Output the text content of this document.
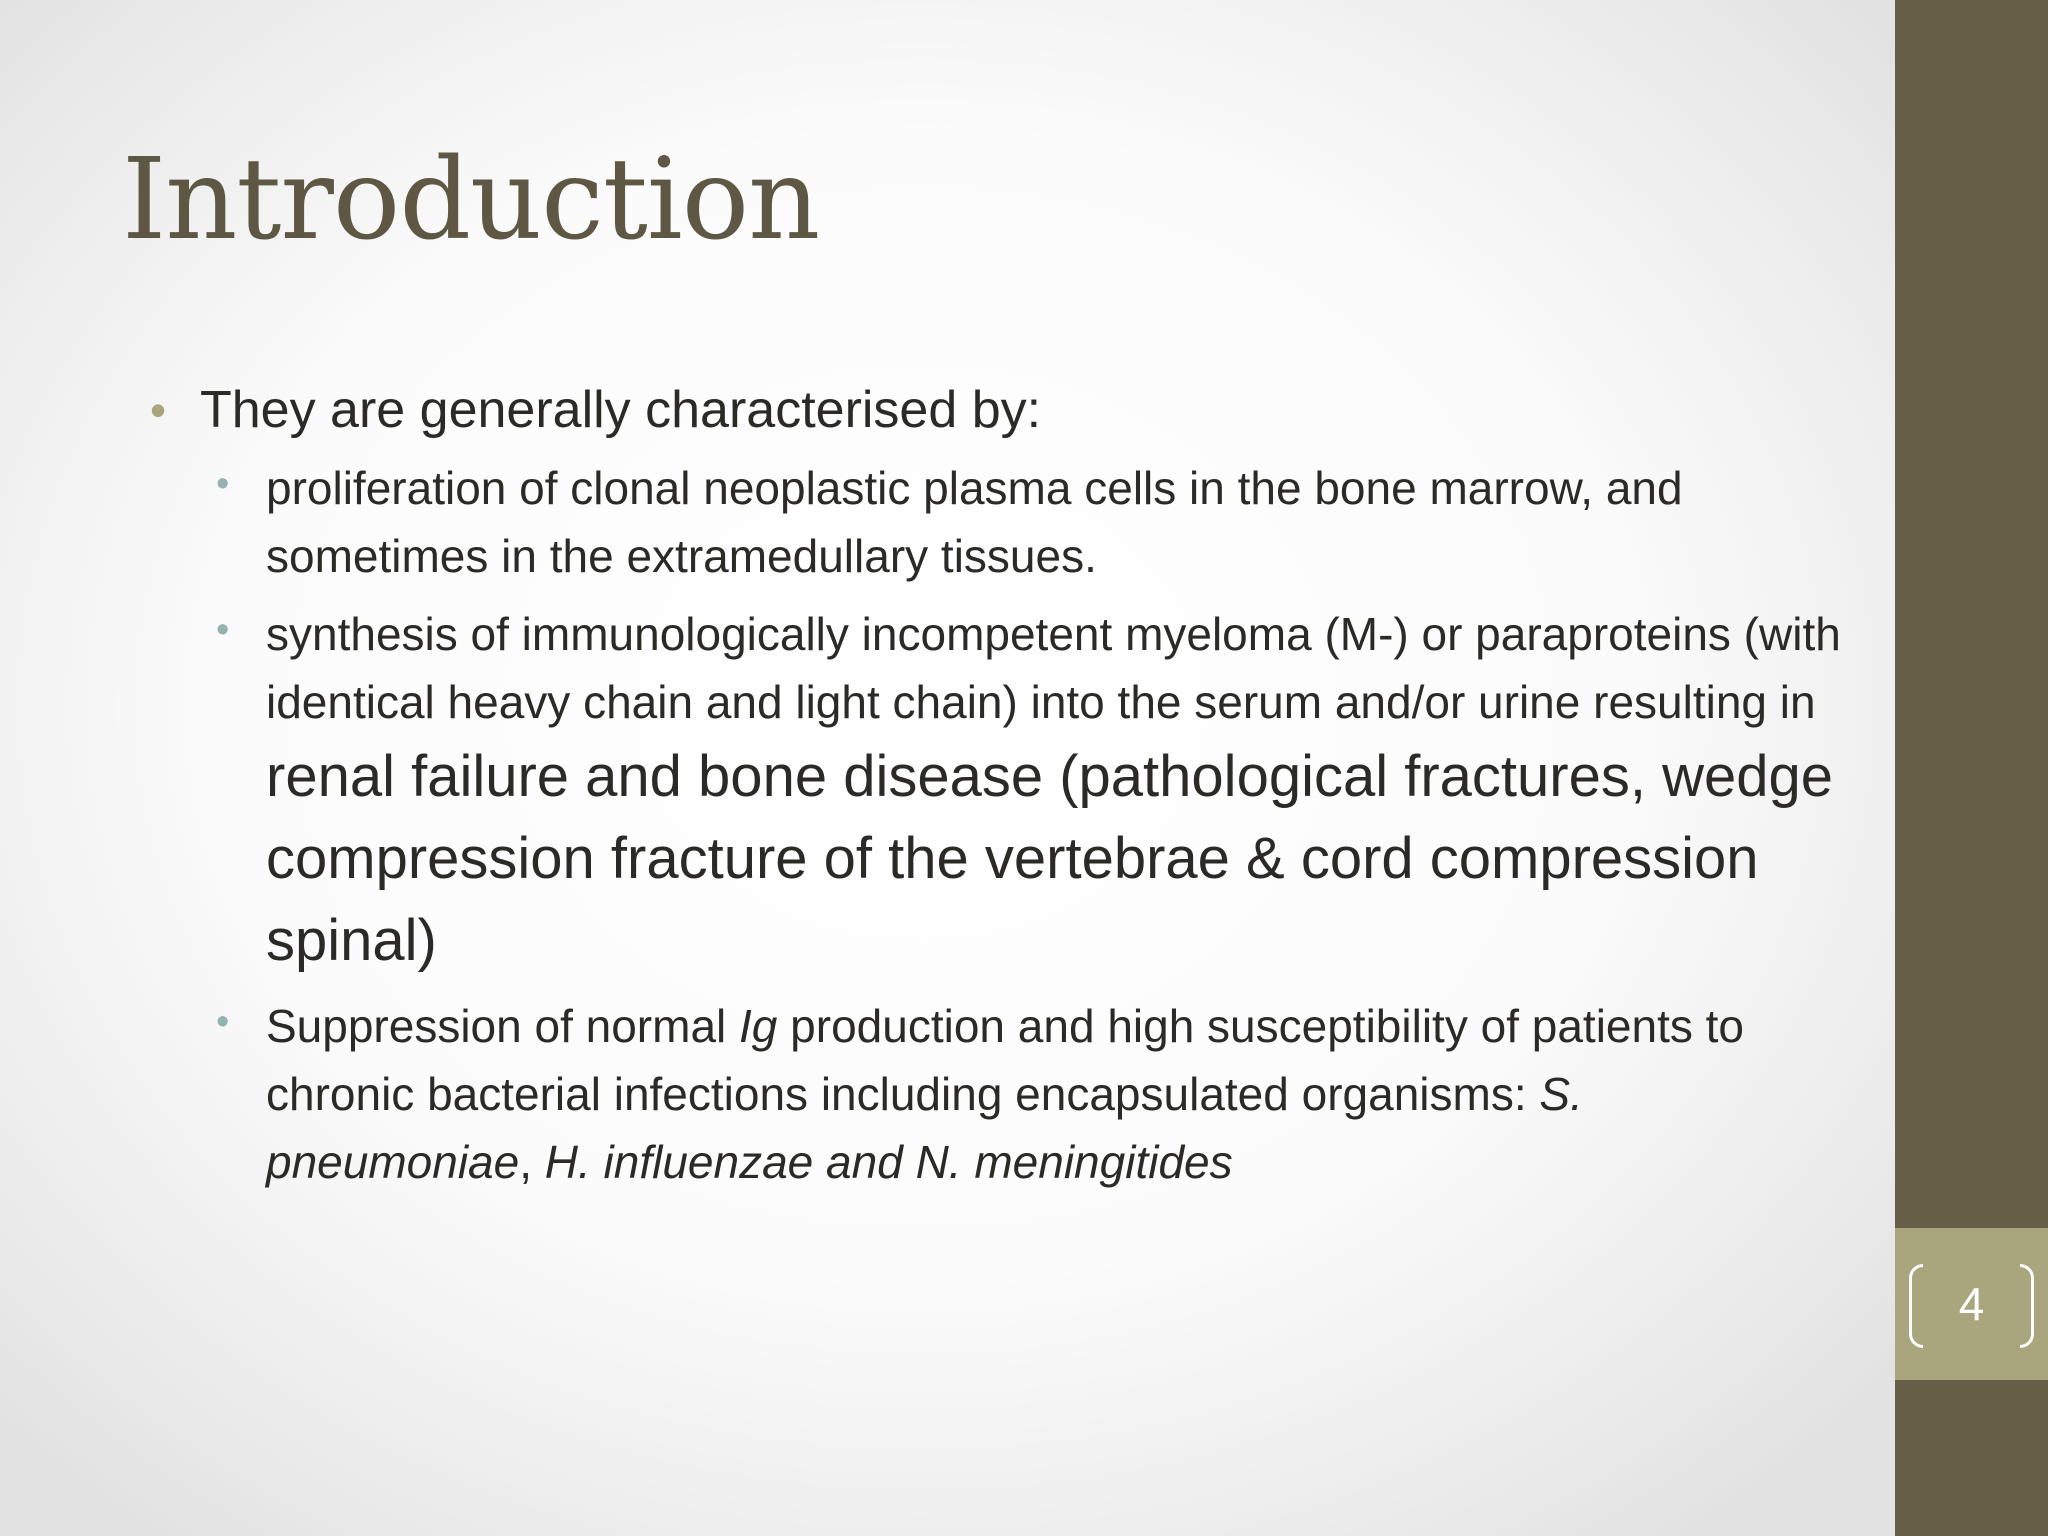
4
Introduction
• They are generally characterised by:
• proliferation of clonal neoplastic plasma cells in the bone marrow, and sometimes in the extramedullary tissues.
• synthesis of immunologically incompetent myeloma (M-) or paraproteins (with identical heavy chain and light chain) into the serum and/or urine resulting in renal failure and bone disease (pathological fractures, wedge compression fracture of the vertebrae & cord compression spinal)
• Suppression of normal Ig production and high susceptibility of patients to chronic bacterial infections including encapsulated organisms: S. pneumoniae, H. influenzae and N. meningitides
